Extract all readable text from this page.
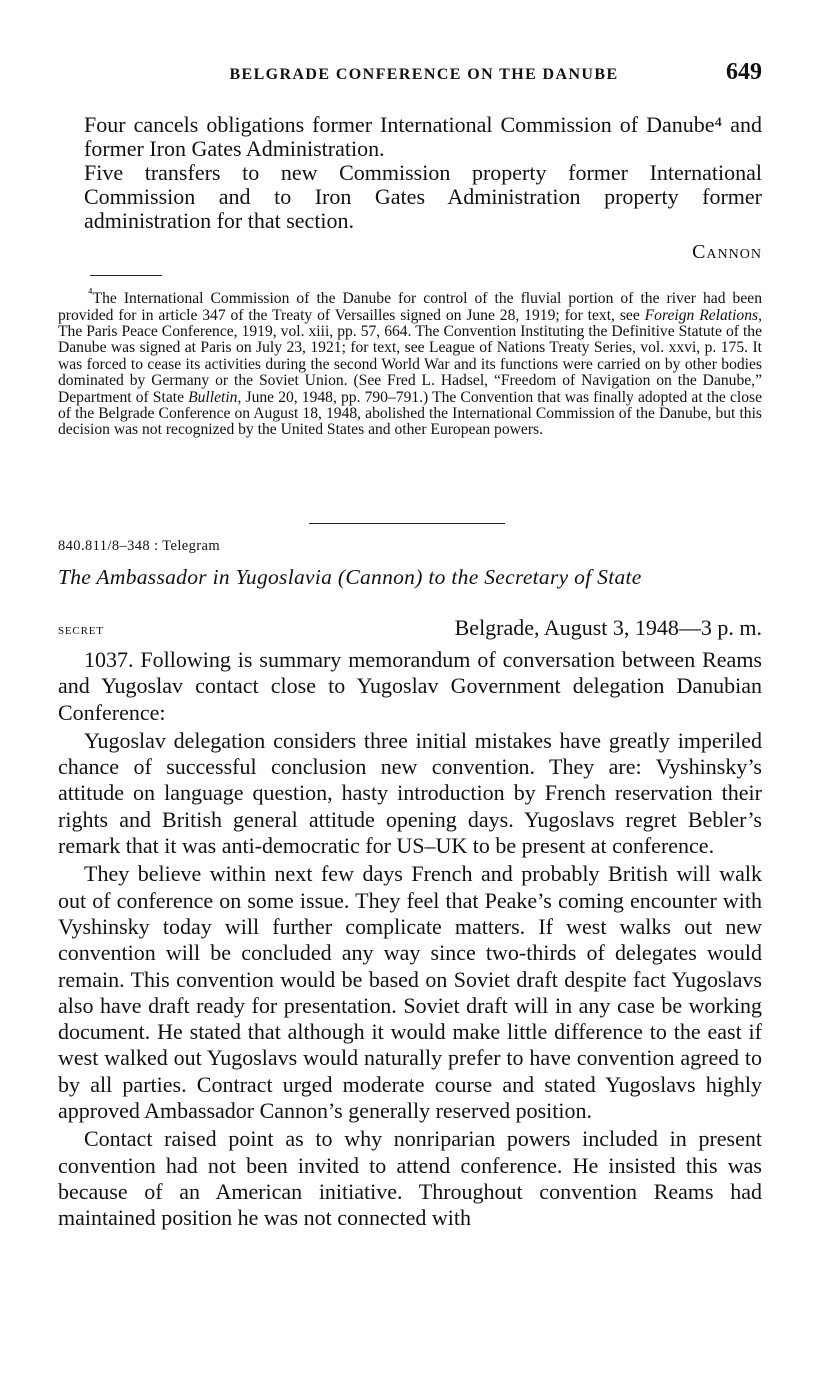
BELGRADE CONFERENCE ON THE DANUBE	649

Four cancels obligations former International Commission of Danube⁴ and former Iron Gates Administration.

Five transfers to new Commission property former International Commission and to Iron Gates Administration property former administration for that section.

Cannon

$^{^4}$The International Commission of the Danube for control of the fluvial portion of the river had been provided for in article 347 of the Treaty of Versailles signed on June 28, 1919; for text, see Foreign Relations, The Paris Peace Conference, 1919, vol. xiii, pp. 57, 664. The Convention Instituting the Definitive Statute of the Danube was signed at Paris on July 23, 1921; for text, see League of Nations Treaty Series, vol. xxvi, p. 175. It was forced to cease its activities during the second World War and its functions were carried on by other bodies dominated by Germany or the Soviet Union. (See Fred L. Hadsel, “Freedom of Navigation on the Danube,” Department of State Bulletin, June 20, 1948, pp. 790–791.) The Convention that was finally adopted at the close of the Belgrade Conference on August 18, 1948, abolished the International Commission of the Danube, but this decision was not recognized by the United States and other European powers.

840.811/8–348 : Telegram
The Ambassador in Yugoslavia (Cannon) to the Secretary of State
secret	Belgrade, August 3, 1948—3 p. m.

1037. Following is summary memorandum of conversation between Reams and Yugoslav contact close to Yugoslav Government delegation Danubian Conference:

Yugoslav delegation considers three initial mistakes have greatly imperiled chance of successful conclusion new convention. They are: Vyshinsky’s attitude on language question, hasty introduction by French reservation their rights and British general attitude opening days. Yugoslavs regret Bebler’s remark that it was anti-democratic for US–UK to be present at conference.

They believe within next few days French and probably British will walk out of conference on some issue. They feel that Peake’s coming encounter with Vyshinsky today will further complicate matters. If west walks out new convention will be concluded any way since two-thirds of delegates would remain. This convention would be based on Soviet draft despite fact Yugoslavs also have draft ready for presentation. Soviet draft will in any case be working document. He stated that although it would make little difference to the east if west walked out Yugoslavs would naturally prefer to have convention agreed to by all parties. Contract urged moderate course and stated Yugoslavs highly approved Ambassador Cannon’s generally reserved position.

Contact raised point as to why nonriparian powers included in present convention had not been invited to attend conference. He insisted this was because of an American initiative. Throughout convention Reams had maintained position he was not connected with
